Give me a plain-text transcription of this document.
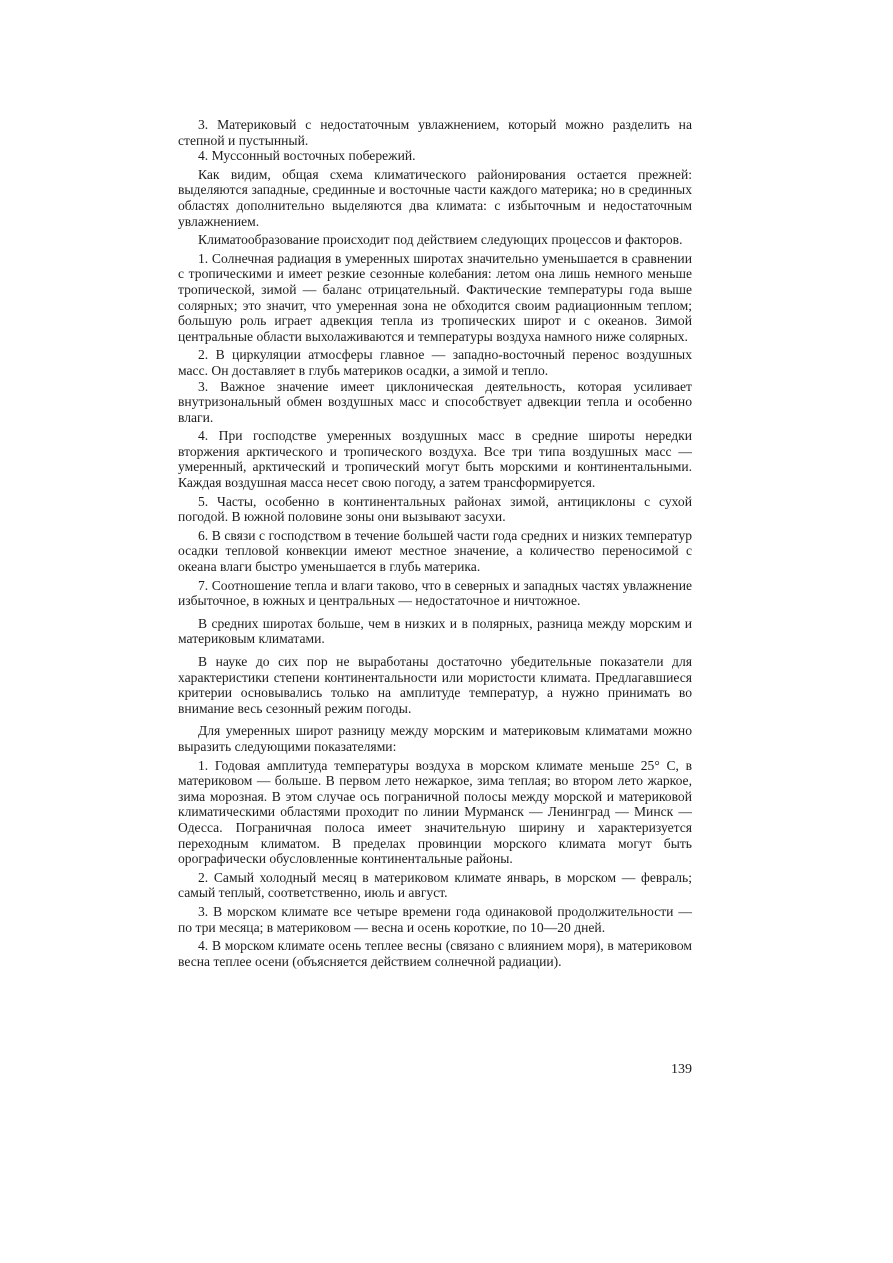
3. Материковый с недостаточным увлажнением, который можно разделить на степной и пустынный.

4. Муссонный восточных побережий.

Как видим, общая схема климатического районирования остается прежней: выделяются западные, срединные и восточные части каждого материка; но в срединных областях дополнительно выделяются два климата: с избыточным и недостаточным увлажнением.

Климатообразование происходит под действием следующих процессов и факторов.

1. Солнечная радиация в умеренных широтах значительно уменьшается в сравнении с тропическими и имеет резкие сезонные колебания: летом она лишь немного меньше тропической, зимой — баланс отрицательный. Фактические температуры года выше солярных; это значит, что умеренная зона не обходится своим радиационным теплом; большую роль играет адвекция тепла из тропических широт и с океанов. Зимой центральные области выхолаживаются и температуры воздуха намного ниже солярных.

2. В циркуляции атмосферы главное — западно-восточный перенос воздушных масс. Он доставляет в глубь материков осадки, а зимой и тепло.

3. Важное значение имеет циклоническая деятельность, которая усиливает внутризональный обмен воздушных масс и способствует адвекции тепла и особенно влаги.

4. При господстве умеренных воздушных масс в средние широты нередки вторжения арктического и тропического воздуха. Все три типа воздушных масс — умеренный, арктический и тропический могут быть морскими и континентальными. Каждая воздушная масса несет свою погоду, а затем трансформируется.

5. Часты, особенно в континентальных районах зимой, антициклоны с сухой погодой. В южной половине зоны они вызывают засухи.

6. В связи с господством в течение большей части года средних и низких температур осадки тепловой конвекции имеют местное значение, а количество переносимой с океана влаги быстро уменьшается в глубь материка.

7. Соотношение тепла и влаги таково, что в северных и западных частях увлажнение избыточное, в южных и центральных — недостаточное и ничтожное.

В средних широтах больше, чем в низких и в полярных, разница между морским и материковым климатами.

В науке до сих пор не выработаны достаточно убедительные показатели для характеристики степени континентальности или мористости климата. Предлагавшиеся критерии основывались только на амплитуде температур, а нужно принимать во внимание весь сезонный режим погоды.

Для умеренных широт разницу между морским и материковым климатами можно выразить следующими показателями:

1. Годовая амплитуда температуры воздуха в морском климате меньше 25° С, в материковом — больше. В первом лето нежаркое, зима теплая; во втором лето жаркое, зима морозная. В этом случае ось пограничной полосы между морской и материковой климатическими областями проходит по линии Мурманск — Ленинград — Минск — Одесса. Пограничная полоса имеет значительную ширину и характеризуется переходным климатом. В пределах провинции морского климата могут быть орографически обусловленные континентальные районы.

2. Самый холодный месяц в материковом климате январь, в морском — февраль; самый теплый, соответственно, июль и август.

3. В морском климате все четыре времени года одинаковой продолжительности — по три месяца; в материковом — весна и осень короткие, по 10—20 дней.

4. В морском климате осень теплее весны (связано с влиянием моря), в материковом весна теплее осени (объясняется действием солнечной радиации).

139
